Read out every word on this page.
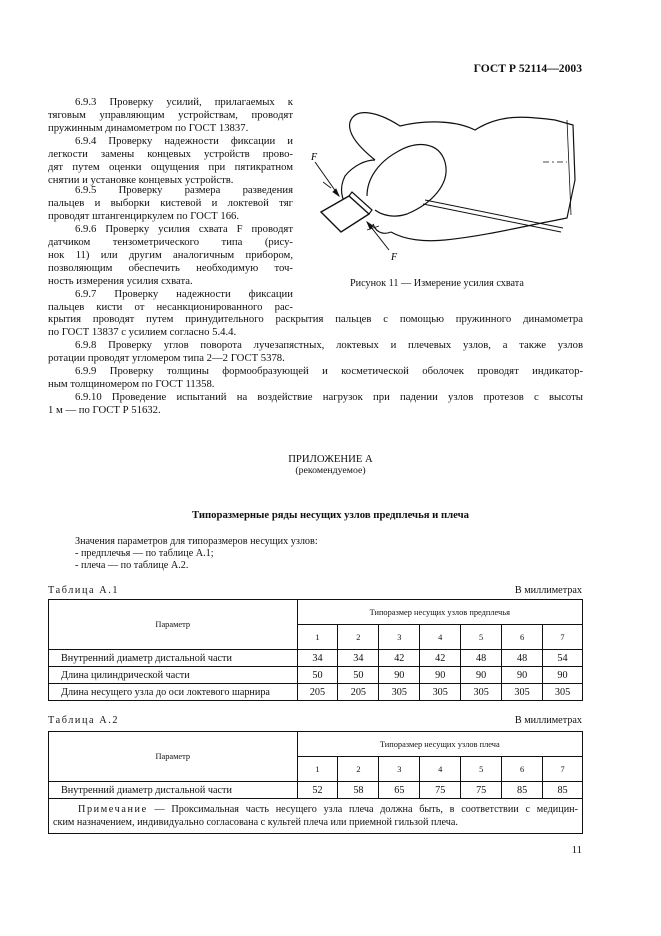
ГОСТ Р 52114—2003
6.9.3 Проверку усилий, прилагаемых к
тяговым управляющим устройствам, проводят
пружинным динамометром по ГОСТ 13837.
6.9.4 Проверку надежности фиксации и
легкости замены концевых устройств прово-
дят путем оценки ощущения при пятикратном
снятии и установке концевых устройств.
6.9.5 Проверку размера разведения
пальцев и выборки кистевой и локтевой тяг
проводят штангенциркулем по ГОСТ 166.
6.9.6 Проверку усилия схвата F проводят
датчиком тензометрического типа (рису-
нок 11) или другим аналогичным прибором,
позволяющим обеспечить необходимую точ-
ность измерения усилия схвата.
6.9.7 Проверку надежности фиксации
пальцев кисти от несанкционированного рас-
крытия проводят путем принудительного раскрытия пальцев с помощью пружинного динамометра
по ГОСТ 13837 с усилием согласно 5.4.4.
6.9.8 Проверку углов поворота лучезапястных, локтевых и плечевых узлов, а также узлов
ротации проводят угломером типа 2—2 ГОСТ 5378.
6.9.9 Проверку толщины формообразующей и косметической оболочек проводят индикатор-
ным толщиномером по ГОСТ 11358.
6.9.10 Проведение испытаний на воздействие нагрузок при падении узлов протезов с высоты
1 м — по ГОСТ Р 51632.
F
F
Рисунок 11 — Измерение усилия схвата
ПРИЛОЖЕНИЕ А
(рекомендуемое)
Типоразмерные ряды несущих узлов предплечья и плеча
Значения параметров для типоразмеров несущих узлов:
- предплечья — по таблице А.1;
- плеча — по таблице А.2.
Таблица А.1	В миллиметрах
Параметр	Типоразмер несущих узлов предплечья						
	1	2	3	4	5	6	7
Внутренний диаметр дистальной части	34	34	42	42	48	48	54
Длина цилиндрической части	50	50	90	90	90	90	90
Длина несущего узла до оси локтевого шарнира	205	205	305	305	305	305	305
Таблица А.2	В миллиметрах
Параметр	Типоразмер несущих узлов плеча						
	1	2	3	4	5	6	7
Внутренний диаметр дистальной части	52	58	65	75	75	85	85

Примечание — Проксимальная часть несущего узла плеча должна быть, в соответствии с медицин-
ским назначением, индивидуально согласована с культей плеча или приемной гильзой плеча.							
11
